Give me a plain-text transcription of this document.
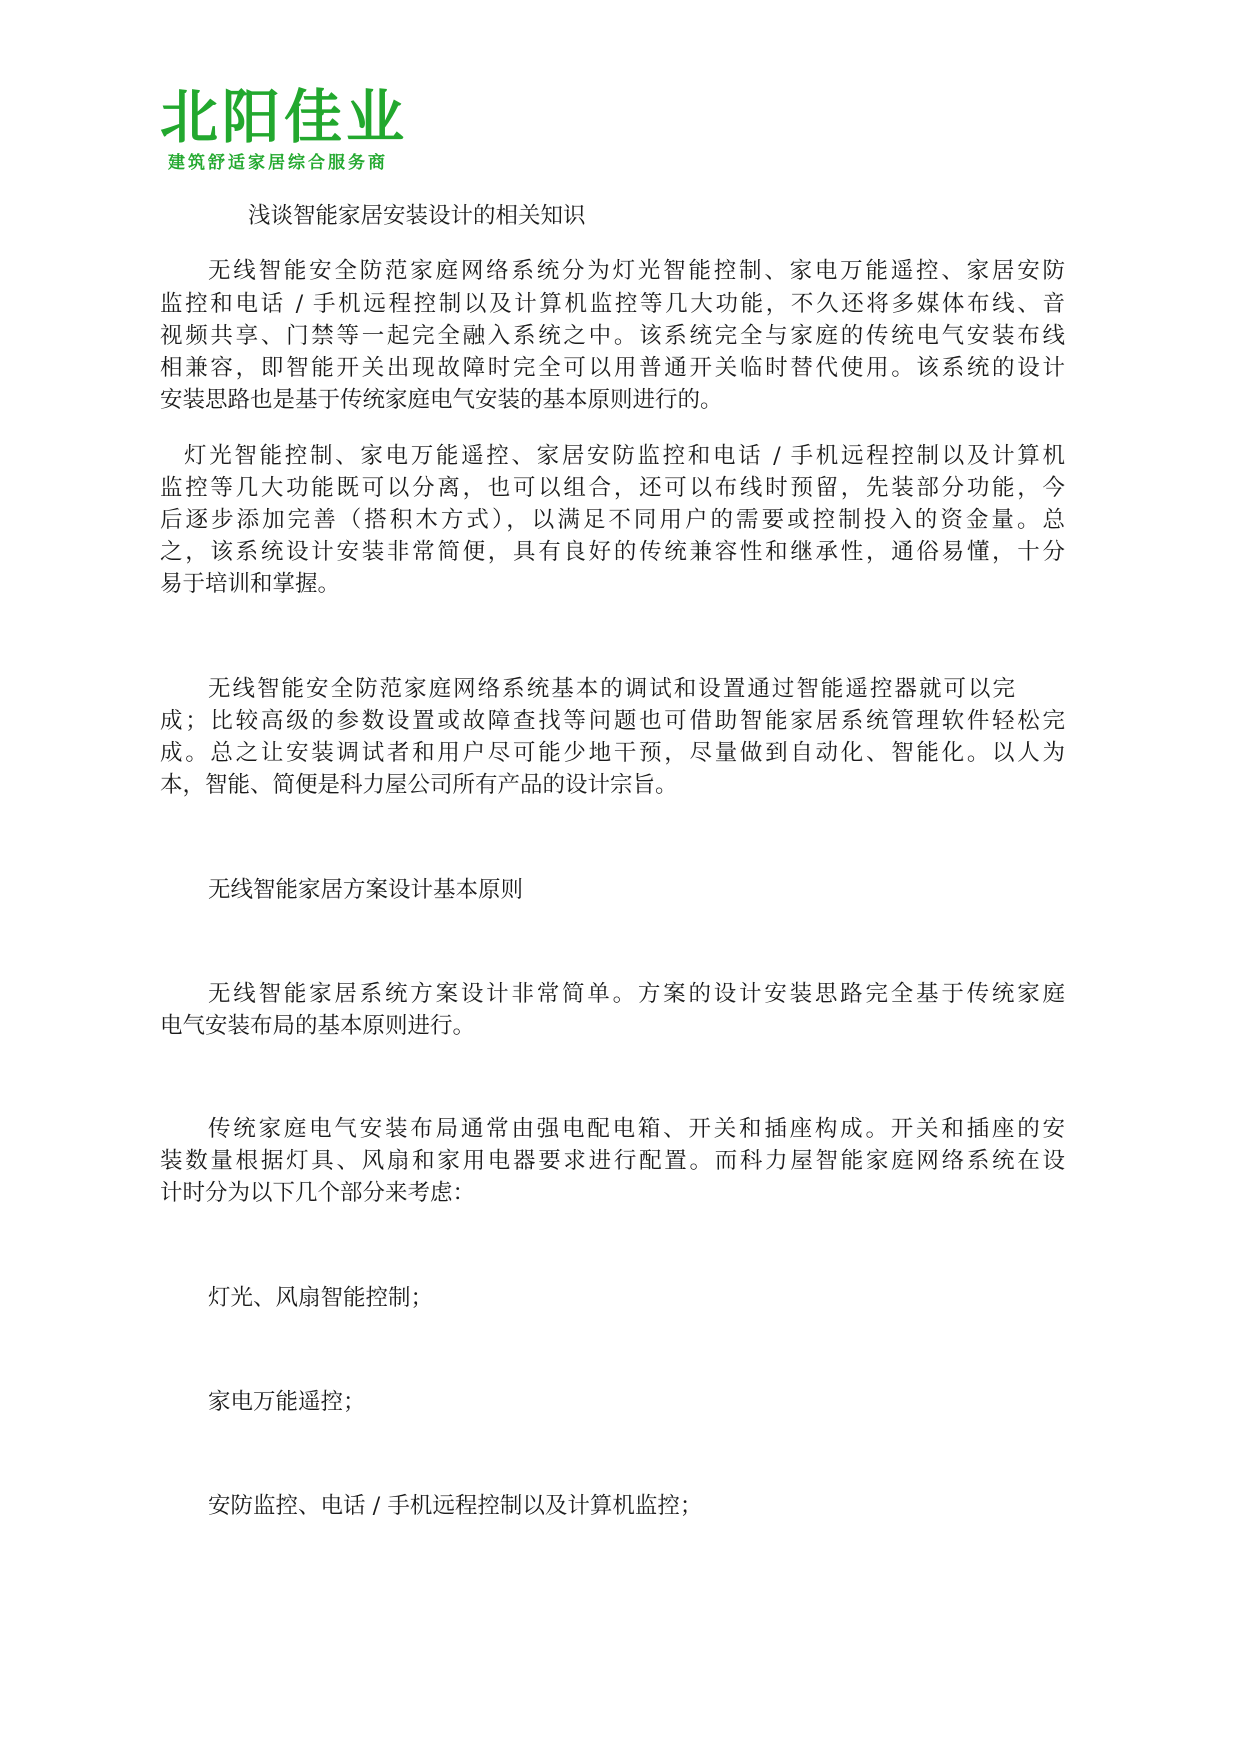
北阳佳业
建筑舒适家居综合服务商
浅谈智能家居安装设计的相关知识
无线智能安全防范家庭网络系统分为灯光智能控制、家电万能遥控、家居安防
监控和电话 / 手机远程控制以及计算机监控等几大功能，不久还将多媒体布线、音
视频共享、门禁等一起完全融入系统之中。该系统完全与家庭的传统电气安装布线
相兼容，即智能开关出现故障时完全可以用普通开关临时替代使用。该系统的设计
安装思路也是基于传统家庭电气安装的基本原则进行的。
灯光智能控制、家电万能遥控、家居安防监控和电话 / 手机远程控制以及计算机
监控等几大功能既可以分离，也可以组合，还可以布线时预留，先装部分功能，今
后逐步添加完善（搭积木方式），以满足不同用户的需要或控制投入的资金量。总
之，该系统设计安装非常简便，具有良好的传统兼容性和继承性，通俗易懂，十分
易于培训和掌握。
无线智能安全防范家庭网络系统基本的调试和设置通过智能遥控器就可以完
成；比较高级的参数设置或故障查找等问题也可借助智能家居系统管理软件轻松完
成。总之让安装调试者和用户尽可能少地干预，尽量做到自动化、智能化。以人为
本，智能、简便是科力屋公司所有产品的设计宗旨。
无线智能家居方案设计基本原则
无线智能家居系统方案设计非常简单。方案的设计安装思路完全基于传统家庭
电气安装布局的基本原则进行。
传统家庭电气安装布局通常由强电配电箱、开关和插座构成。开关和插座的安
装数量根据灯具、风扇和家用电器要求进行配置。而科力屋智能家庭网络系统在设
计时分为以下几个部分来考虑：
灯光、风扇智能控制；
家电万能遥控；
安防监控、电话 / 手机远程控制以及计算机监控；
